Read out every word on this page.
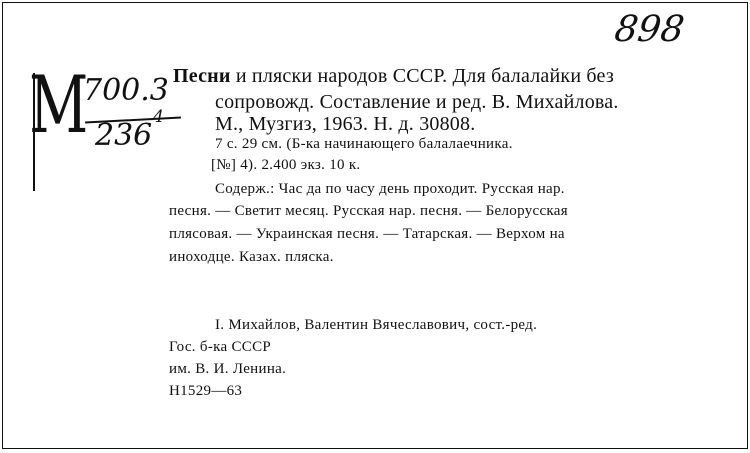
898
М
700.3
236
4
Песни и пляски народов СССР. Для балалайки без
сопровожд. Составление и ред. В. Михайлова.
М., Музгиз, 1963. Н. д. 30808.
7 с. 29 см. (Б-ка начинающего балалаечника.
[№] 4). 2.400 экз. 10 к.
Содерж.: Час да по часу день проходит. Русская нар.
песня. — Светит месяц. Русская нар. песня. — Белорусская
плясовая. — Украинская песня. — Татарская. — Верхом на
иноходце. Казах. пляска.
I. Михайлов, Валентин Вячеславович, сост.-ред.
Гос. б-ка СССР
им. В. И. Ленина.
Н1529—63
